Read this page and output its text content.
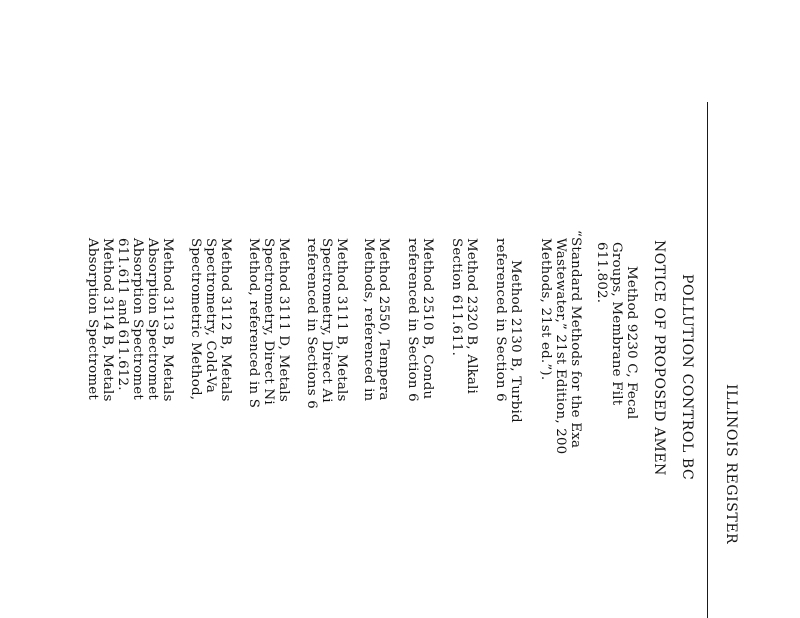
ILLINOIS REGISTER
POLLUTION CONTROL BC
NOTICE OF PROPOSED AMEN
Method 9230 C, Fecal
Groups, Membrane Filt
611.802.
“Standard Methods for the Exa
Wastewater,” 21st Edition, 200
Methods, 21st ed.”).
Method 2130 B, Turbid
referenced in Section 6
Method 2320 B, Alkali
Section 611.611.
Method 2510 B, Condu
referenced in Section 6
Method 2550, Tempera
Methods, referenced in
Method 3111 B, Metals
Spectrometry, Direct Ai
referenced in Sections 6
Method 3111 D, Metals
Spectrometry, Direct Ni
Method, referenced in S
Method 3112 B, Metals
Spectrometry, Cold-Va
Spectrometric Method,
Method 3113 B, Metals
Absorption Spectromet
Absorption Spectromet
611.611 and 611.612.
Method 3114 B, Metals
Absorption Spectromet
